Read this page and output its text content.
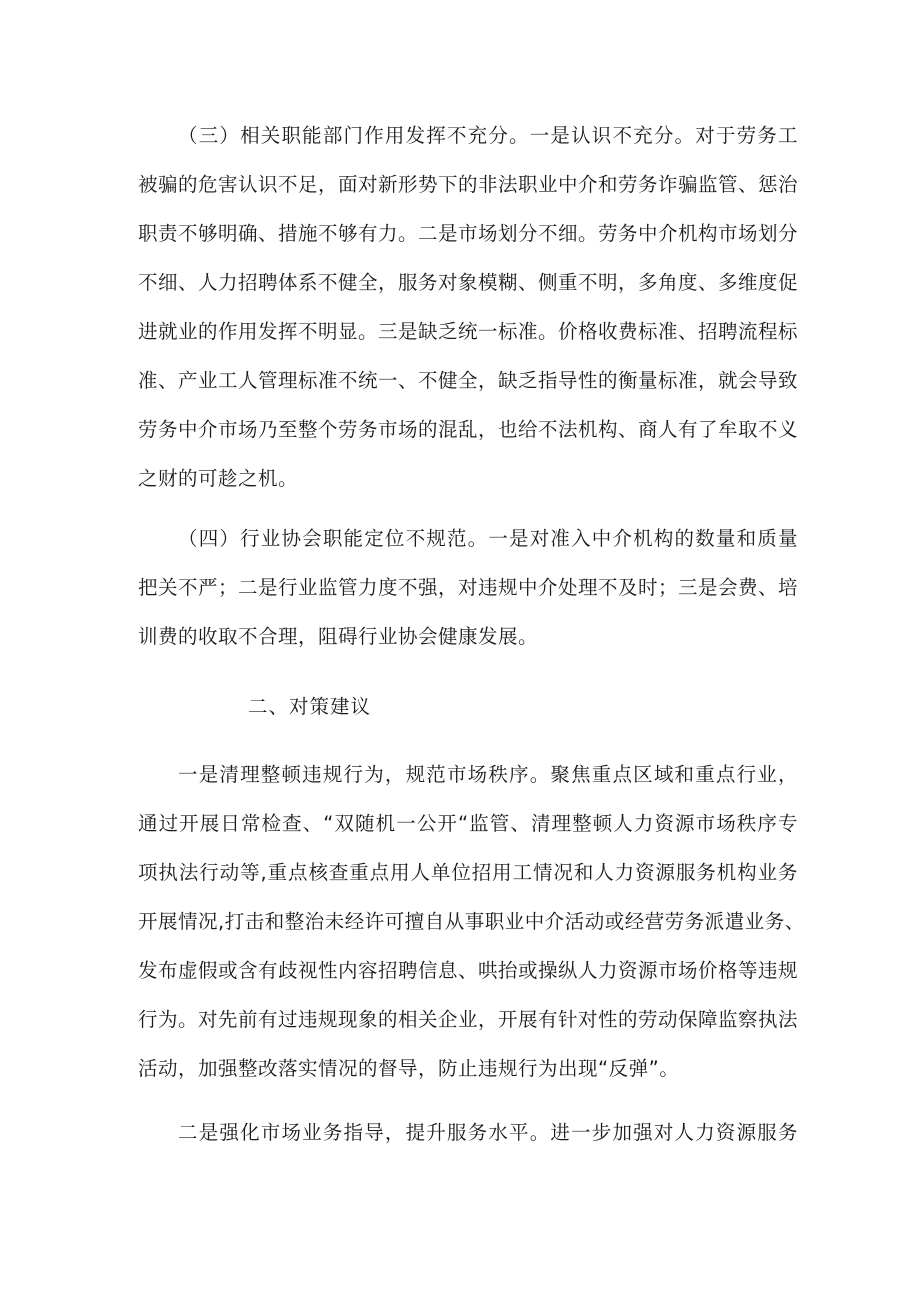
（三）相关职能部门作用发挥不充分。一是认识不充分。对于劳务工
被骗的危害认识不足，面对新形势下的非法职业中介和劳务诈骗监管、惩治
职责不够明确、措施不够有力。二是市场划分不细。劳务中介机构市场划分
不细、人力招聘体系不健全，服务对象模糊、侧重不明，多角度、多维度促
进就业的作用发挥不明显。三是缺乏统一标准。价格收费标准、招聘流程标
准、产业工人管理标准不统一、不健全，缺乏指导性的衡量标准，就会导致
劳务中介市场乃至整个劳务市场的混乱，也给不法机构、商人有了牟取不义
之财的可趁之机。
（四）行业协会职能定位不规范。一是对准入中介机构的数量和质量
把关不严；二是行业监管力度不强，对违规中介处理不及时；三是会费、培
训费的收取不合理，阻碍行业协会健康发展。
二、对策建议
一是清理整顿违规行为，规范市场秩序。聚焦重点区域和重点行业，
通过开展日常检查、“双随机一公开“监管、清理整顿人力资源市场秩序专
项执法行动等,重点核查重点用人单位招用工情况和人力资源服务机构业务
开展情况,打击和整治未经许可擅自从事职业中介活动或经营劳务派遣业务、
发布虚假或含有歧视性内容招聘信息、哄抬或操纵人力资源市场价格等违规
行为。对先前有过违规现象的相关企业，开展有针对性的劳动保障监察执法
活动，加强整改落实情况的督导，防止违规行为出现“反弹”。
二是强化市场业务指导，提升服务水平。进一步加强对人力资源服务
